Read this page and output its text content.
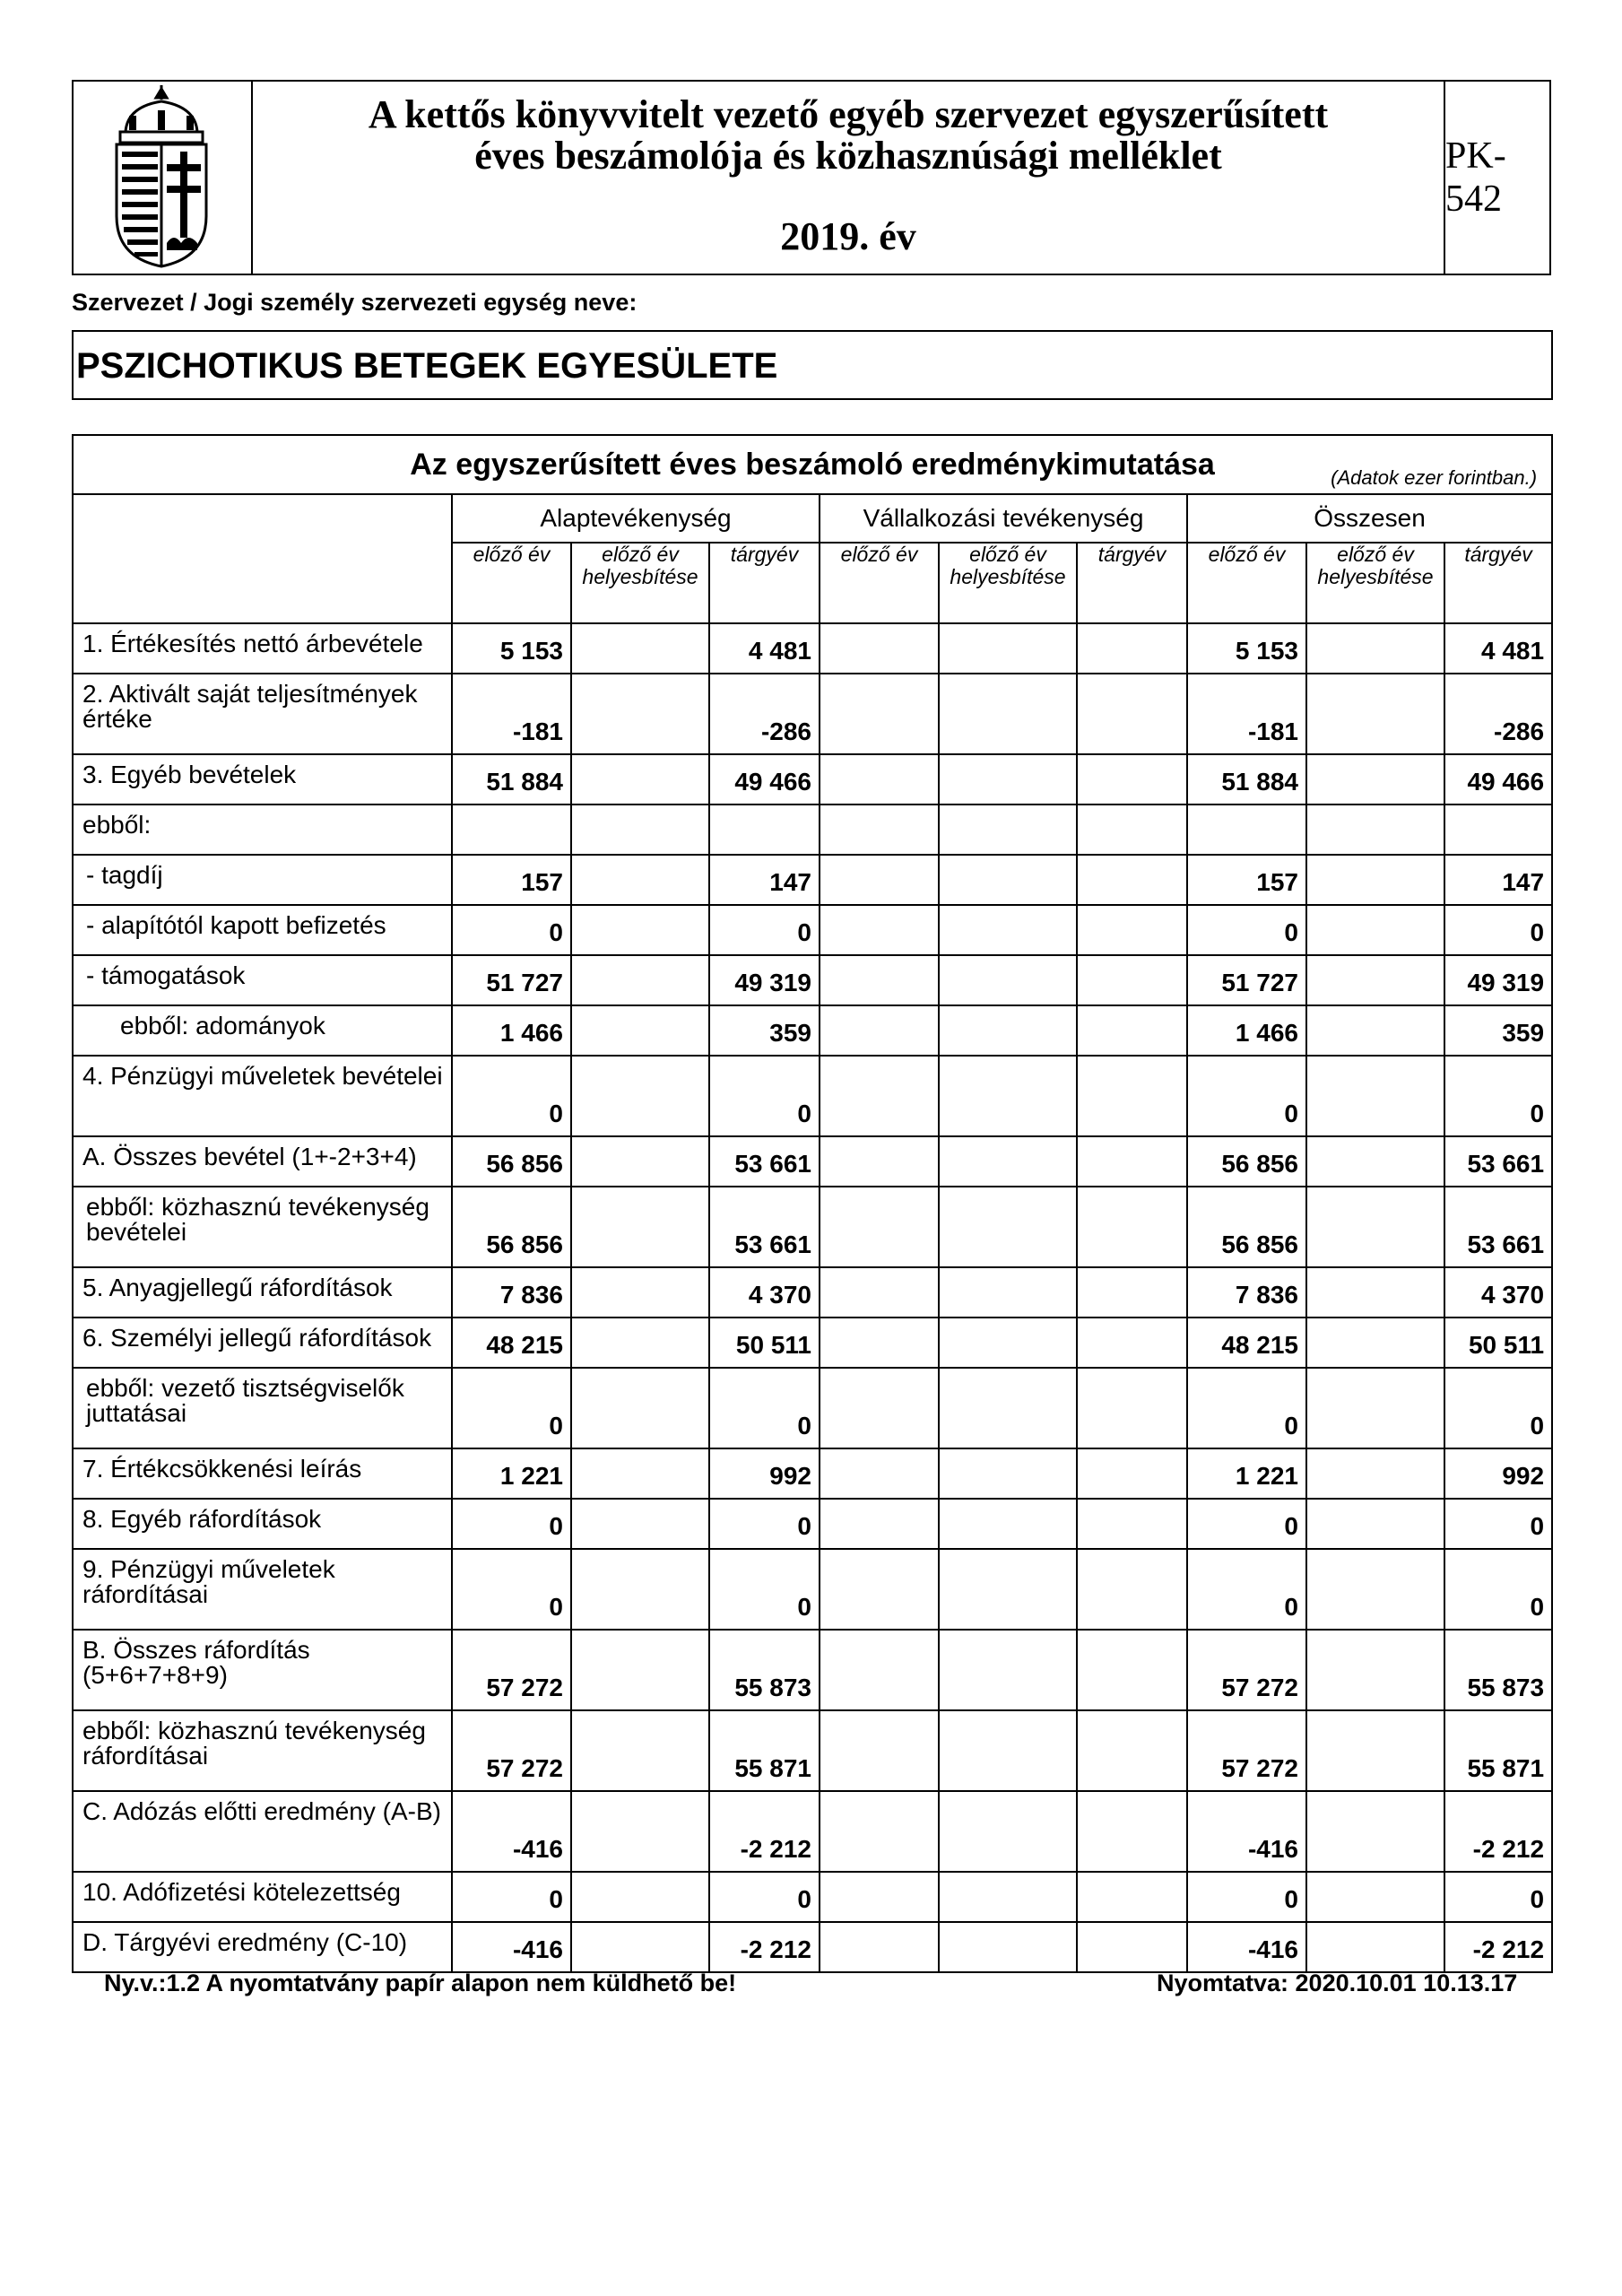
A kettős könyvvitelt vezető egyéb szervezet egyszerűsített
éves beszámolója és közhasznúsági melléklet
2019. év
PK-542
Szervezet / Jogi személy szervezeti egység neve:
PSZICHOTIKUS BETEGEK EGYESÜLETE
Az egyszerűsített éves beszámoló eredménykimutatása (Adatok ezer forintban.)									

	Alaptevékenység			Vállalkozási tevékenység			Összesen		
	előző év	előző év helyesbítése	tárgyév	előző év	előző év helyesbítése	tárgyév	előző év	előző év helyesbítése	tárgyév
1. Értékesítés nettó árbevétele	5 153		4 481				5 153		4 481
2. Aktivált saját teljesítmények értéke	-181		-286				-181		-286
3. Egyéb bevételek	51 884		49 466				51 884		49 466
ebből:									
- tagdíj	157		147				157		147
- alapítótól kapott befizetés	0		0				0		0
- támogatások	51 727		49 319				51 727		49 319
ebből: adományok	1 466		359				1 466		359
4. Pénzügyi műveletek bevételei	0		0				0		0
A. Összes bevétel (1+-2+3+4)	56 856		53 661				56 856		53 661
ebből: közhasznú tevékenység bevételei	56 856		53 661				56 856		53 661
5. Anyagjellegű ráfordítások	7 836		4 370				7 836		4 370
6. Személyi jellegű ráfordítások	48 215		50 511				48 215		50 511
ebből: vezető tisztségviselők juttatásai	0		0				0		0
7. Értékcsökkenési leírás	1 221		992				1 221		992
8. Egyéb ráfordítások	0		0				0		0
9. Pénzügyi műveletek ráfordításai	0		0				0		0
B. Összes ráfordítás (5+6+7+8+9)	57 272		55 873				57 272		55 873
ebből: közhasznú tevékenység ráfordításai	57 272		55 871				57 272		55 871
C. Adózás előtti eredmény (A-B)	-416		-2 212				-416		-2 212
10. Adófizetési kötelezettség	0		0				0		0
D. Tárgyévi eredmény (C-10)	-416		-2 212				-416		-2 212
Ny.v.:1.2 A nyomtatvány papír alapon nem küldhető be!	Nyomtatva: 2020.10.01 10.13.17
